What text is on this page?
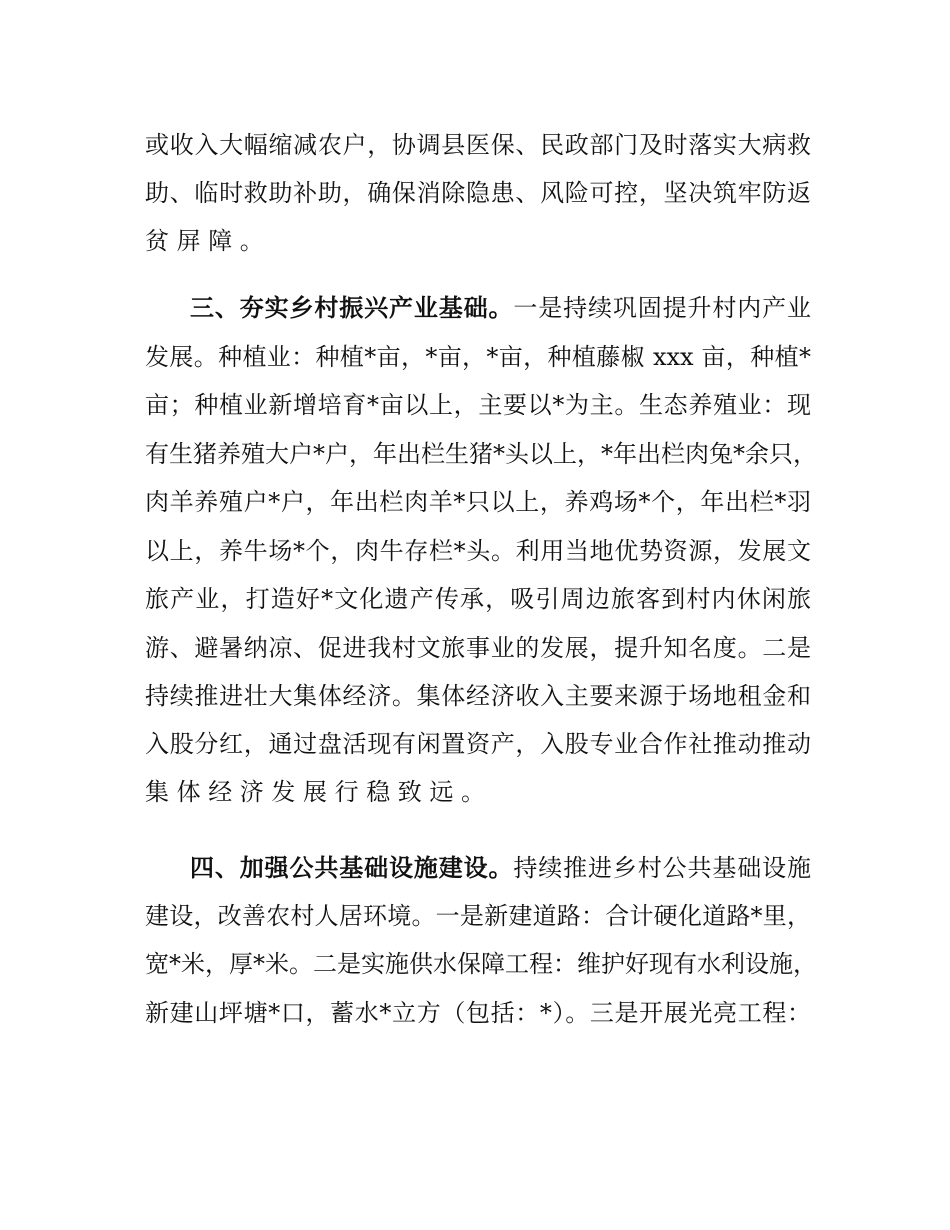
或收入大幅缩减农户，协调县医保、民政部门及时落实大病救
助、临时救助补助，确保消除隐患、风险可控，坚决筑牢防返
贫屏障。
三、夯实乡村振兴产业基础。一是持续巩固提升村内产业
发展。种植业：种植*亩，*亩，*亩，种植藤椒 xxx 亩，种植*
亩；种植业新增培育*亩以上，主要以*为主。生态养殖业：现
有生猪养殖大户*户，年出栏生猪*头以上，*年出栏肉兔*余只，
肉羊养殖户*户，年出栏肉羊*只以上，养鸡场*个，年出栏*羽
以上，养牛场*个，肉牛存栏*头。利用当地优势资源，发展文
旅产业，打造好*文化遗产传承，吸引周边旅客到村内休闲旅
游、避暑纳凉、促进我村文旅事业的发展，提升知名度。二是
持续推进壮大集体经济。集体经济收入主要来源于场地租金和
入股分红，通过盘活现有闲置资产，入股专业合作社推动推动
集体经济发展行稳致远。
四、加强公共基础设施建设。持续推进乡村公共基础设施
建设，改善农村人居环境。一是新建道路：合计硬化道路*里，
宽*米，厚*米。二是实施供水保障工程：维护好现有水利设施，
新建山坪塘*口，蓄水*立方（包括：*）。三是开展光亮工程：
